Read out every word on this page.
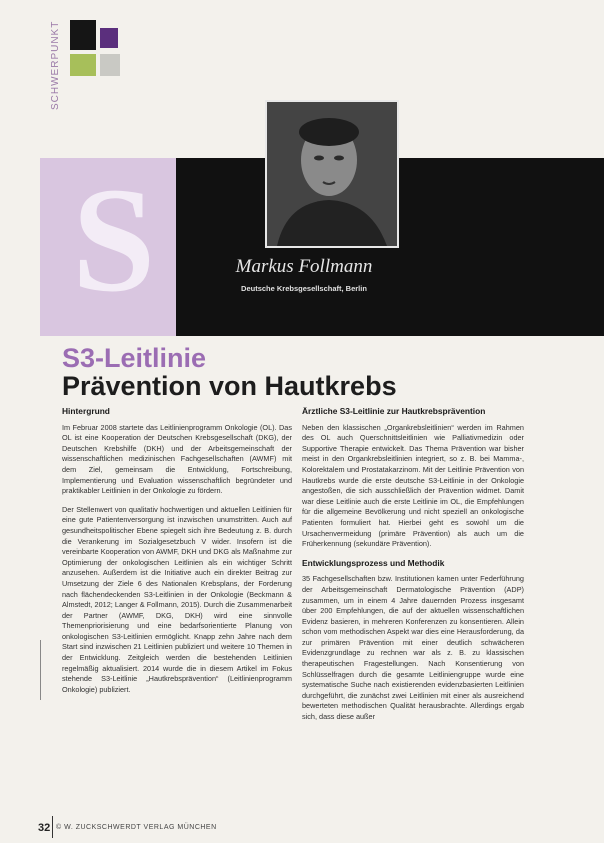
SCHWERPUNKT
S	Markus Follmann
Deutsche Krebsgesellschaft, Berlin
S3-Leitlinie
Prävention von Hautkrebs
Hintergrund

Im Februar 2008 startete das Leitlinienprogramm Onkologie (OL). Das OL ist eine Kooperation der Deutschen Krebsgesellschaft (DKG), der Deutschen Krebshilfe (DKH) und der Arbeitsgemeinschaft der wissenschaftlichen medizinischen Fachgesellschaften (AWMF) mit dem Ziel, gemeinsam die Entwicklung, Fortschreibung, Implementierung und Evaluation wissenschaftlich begründeter und praktikabler Leitlinien in der Onkologie zu fördern.

Der Stellenwert von qualitativ hochwertigen und aktuellen Leitlinien für eine gute Patientenversorgung ist inzwischen unumstritten. Auch auf gesundheitspolitischer Ebene spiegelt sich ihre Bedeutung z. B. durch die Verankerung im Sozialgesetzbuch V wider. Insofern ist die vereinbarte Kooperation von AWMF, DKH und DKG als Maßnahme zur Optimierung der onkologischen Leitlinien als ein wichtiger Schritt anzusehen. Außerdem ist die Initiative auch ein direkter Beitrag zur Umsetzung der Ziele 6 des Nationalen Krebsplans, der Forderung nach flächendeckenden S3-Leitlinien in der Onkologie (Beckmann & Almstedt, 2012; Langer & Follmann, 2015). Durch die Zusammenarbeit der Partner (AWMF, DKG, DKH) wird eine sinnvolle Themenpriorisierung und eine bedarfsorientierte Planung von onkologischen S3-Leitlinien ermöglicht. Knapp zehn Jahre nach dem Start sind inzwischen 21 Leitlinien publiziert und weitere 10 Themen in der Entwicklung. Zeitgleich werden die bestehenden Leitlinien regelmäßig aktualisiert. 2014 wurde die in diesem Artikel im Fokus stehende S3-Leitlinie „Hautkrebsprävention“ (Leitlinienprogramm Onkologie) publiziert.

Ärztliche S3-Leitlinie zur Hautkrebsprävention

Neben den klassischen „Organkrebsleitlinien“ werden im Rahmen des OL auch Querschnittsleitlinien wie Palliativmedizin oder Supportive Therapie entwickelt. Das Thema Prävention war bisher meist in den Organkrebsleitlinien integriert, so z. B. bei Mamma-, Kolorektalem und Prostatakarzinom. Mit der Leitlinie Prävention von Hautkrebs wurde die erste deutsche S3-Leitlinie in der Onkologie angestoßen, die sich ausschließlich der Prävention widmet. Damit war diese Leitlinie auch die erste Leitlinie im OL, die Empfehlungen für die allgemeine Bevölkerung und nicht speziell an onkologische Patienten formuliert hat. Hierbei geht es sowohl um die Ursachenvermeidung (primäre Prävention) als auch um die Früherkennung (sekundäre Prävention).

Entwicklungsprozess und Methodik

35 Fachgesellschaften bzw. Institutionen kamen unter Federführung der Arbeitsgemeinschaft Dermatologische Prävention (ADP) zusammen, um in einem 4 Jahre dauernden Prozess insgesamt über 200 Empfehlungen, die auf der aktuellen wissenschaftlichen Evidenz basieren, in mehreren Konferenzen zu konsentieren. Allein schon vom methodischen Aspekt war dies eine Herausforderung, da zur primären Prävention mit einer deutlich schwächeren Evidenzgrundlage zu rechnen war als z. B. zu klassischen therapeutischen Fragestellungen. Nach Konsentierung von Schlüsselfragen durch die gesamte Leitliniengruppe wurde eine systematische Suche nach existierenden evidenzbasierten Leitlinien durchgeführt, die zunächst zwei Leitlinien mit einer als ausreichend bewerteten methodischen Qualität herausbrachte. Allerdings ergab sich, dass diese außer

32 © W. ZUCKSCHWERDT VERLAG MÜNCHEN
